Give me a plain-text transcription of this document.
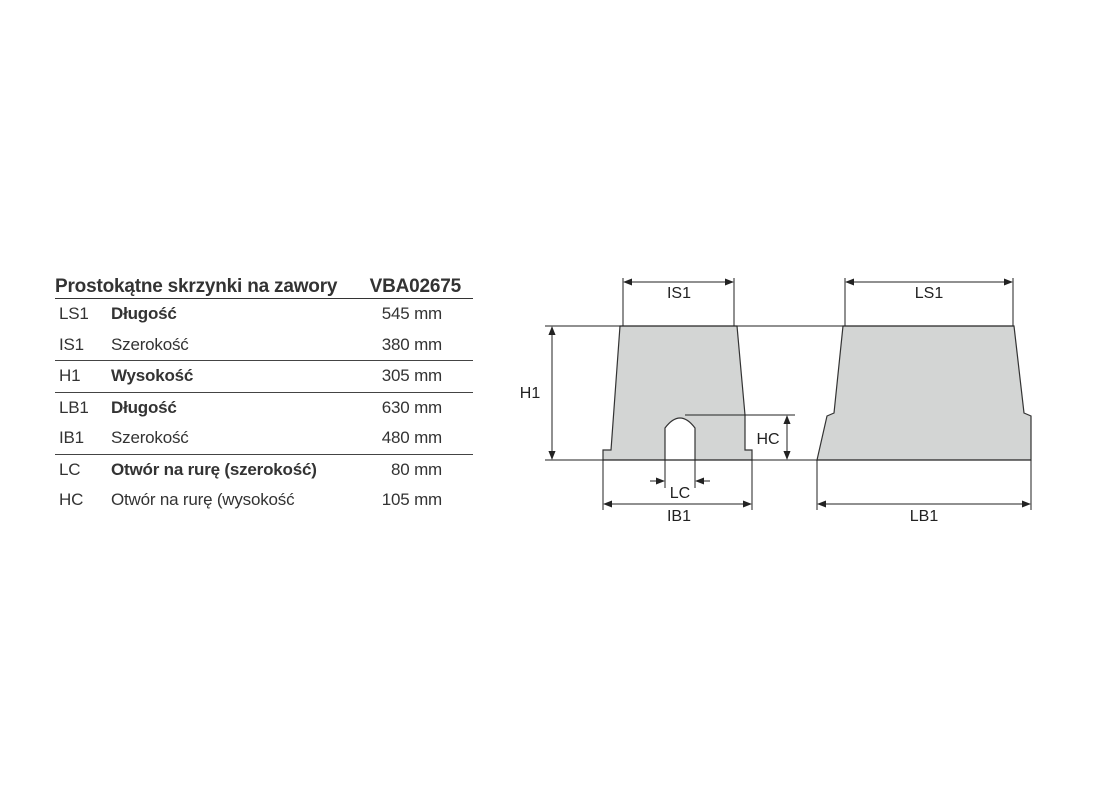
Prostokątne skrzynki na zawory VBA02675
LS1	Długość	545 mm
IS1	Szerokość	380 mm
H1	Wysokość	305 mm
LB1	Długość	630 mm
IB1	Szerokość	480 mm
LC	Otwór na rurę (szerokość)	80 mm
HC	Otwór na rurę (wysokość	105 mm
IS1	LS1
H1
HC
LC
IB1	LB1
